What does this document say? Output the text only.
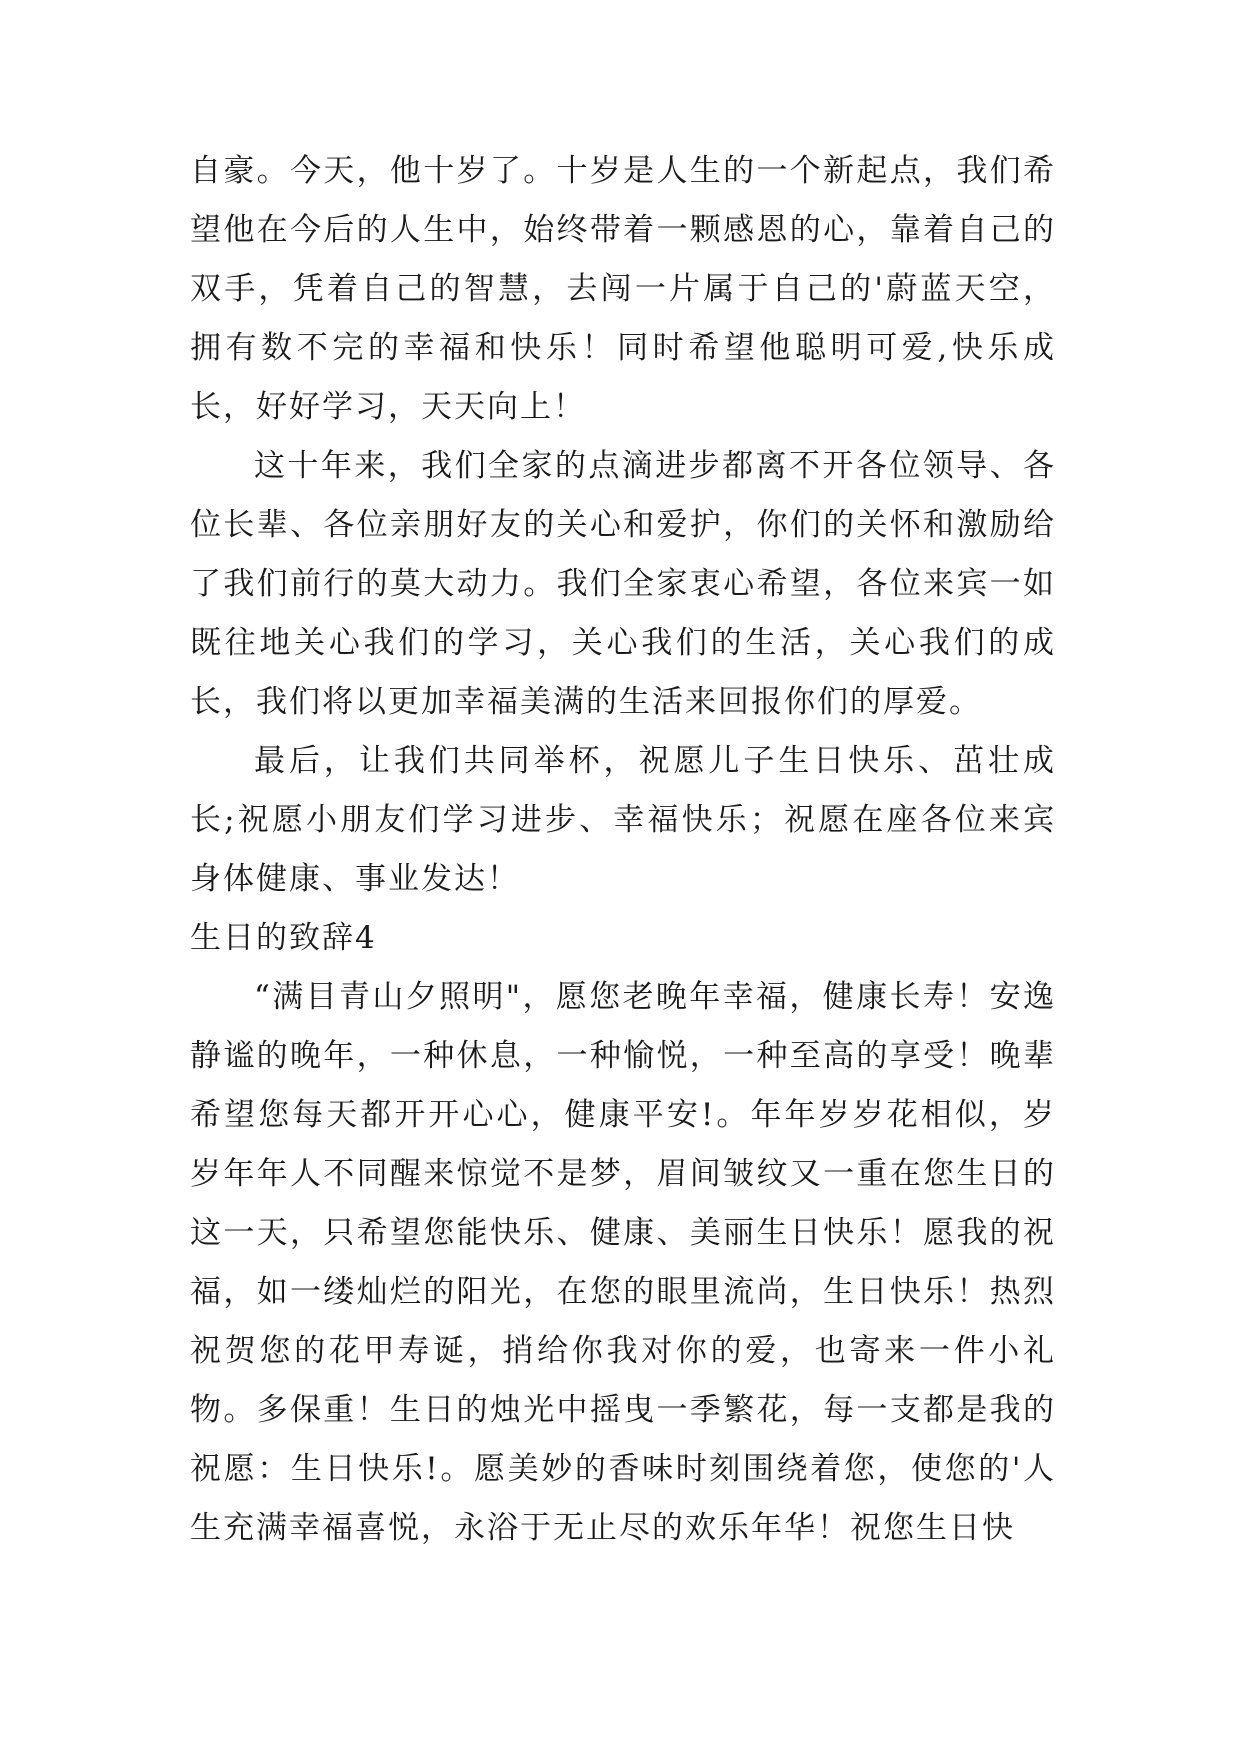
自豪。今天，他十岁了。十岁是人生的一个新起点，我们希望他在今后的人生中，始终带着一颗感恩的心，靠着自己的双手，凭着自己的智慧，去闯一片属于自己的'蔚蓝天空，拥有数不完的幸福和快乐！同时希望他聪明可爱,快乐成长，好好学习，天天向上！

这十年来，我们全家的点滴进步都离不开各位领导、各位长辈、各位亲朋好友的关心和爱护，你们的关怀和激励给了我们前行的莫大动力。我们全家衷心希望，各位来宾一如既往地关心我们的学习，关心我们的生活，关心我们的成长，我们将以更加幸福美满的生活来回报你们的厚爱。

最后，让我们共同举杯，祝愿儿子生日快乐、茁壮成长;祝愿小朋友们学习进步、幸福快乐；祝愿在座各位来宾身体健康、事业发达！

生日的致辞4

“满目青山夕照明"，愿您老晚年幸福，健康长寿！安逸静谧的晚年，一种休息，一种愉悦，一种至高的享受！晚辈希望您每天都开开心心，健康平安!。年年岁岁花相似，岁岁年年人不同醒来惊觉不是梦，眉间皱纹又一重在您生日的这一天，只希望您能快乐、健康、美丽生日快乐！愿我的祝福，如一缕灿烂的阳光，在您的眼里流尚，生日快乐！热烈祝贺您的花甲寿诞，捎给你我对你的爱，也寄来一件小礼物。多保重！生日的烛光中摇曳一季繁花，每一支都是我的祝愿：生日快乐!。愿美妙的香味时刻围绕着您，使您的'人生充满幸福喜悦，永浴于无止尽的欢乐年华！祝您生日快
